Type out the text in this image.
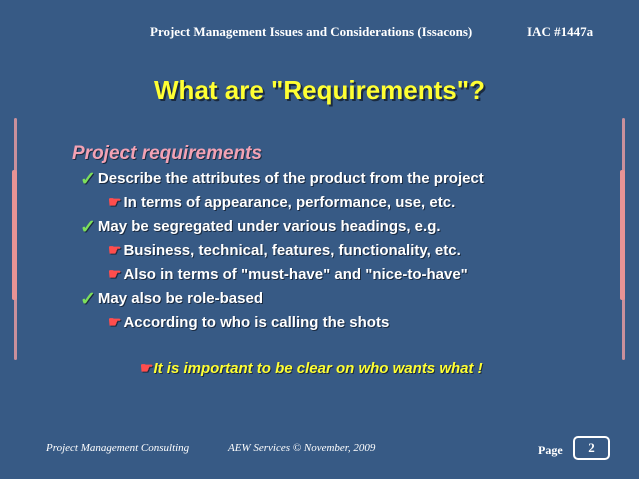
Project Management Issues and Considerations (Issacons)	IAC #1447a
What are "Requirements"?
Project requirements
✓ Describe the attributes of the product from the project
☛ In terms of appearance, performance, use, etc.
✓ May be segregated under various headings, e.g.
☛ Business, technical, features, functionality, etc.
☛ Also in terms of "must-have" and "nice-to-have"
✓ May also be role-based
☛ According to who is calling the shots
☛It is important to be clear on who wants what !
Project Management Consulting	AEW Services © November, 2009	Page	2
